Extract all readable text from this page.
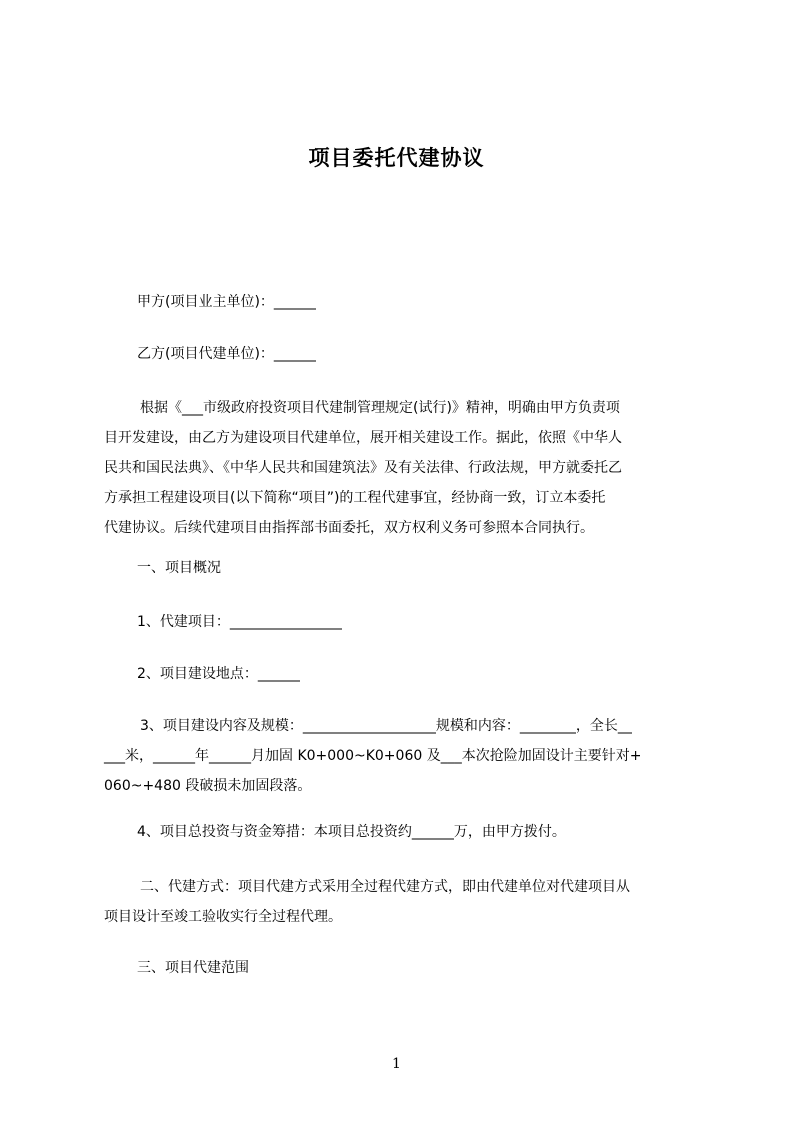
项目委托代建协议

甲方(项目业主单位)：______

乙方(项目代建单位)：______

根据《___市级政府投资项目代建制管理规定(试行)》精神，明确由甲方负责项
目开发建设，由乙方为建设项目代建单位，展开相关建设工作。据此，依照《中华人
民共和国民法典》、《中华人民共和国建筑法》及有关法律、行政法规，甲方就委托乙
方承担工程建设项目(以下简称“项目”)的工程代建事宜，经协商一致，订立本委托
代建协议。后续代建项目由指挥部书面委托，双方权利义务可参照本合同执行。

一、项目概况

1、代建项目：________________

2、项目建设地点：______

3、项目建设内容及规模：___________________规模和内容：________，全长__
___米，______年______月加固 K0+000~K0+060 及___本次抢险加固设计主要针对+
060~+480 段破损未加固段落。

4、项目总投资与资金筹措：本项目总投资约______万，由甲方拨付。

二、代建方式：项目代建方式采用全过程代建方式，即由代建单位对代建项目从
项目设计至竣工验收实行全过程代理。

三、项目代建范围

1
